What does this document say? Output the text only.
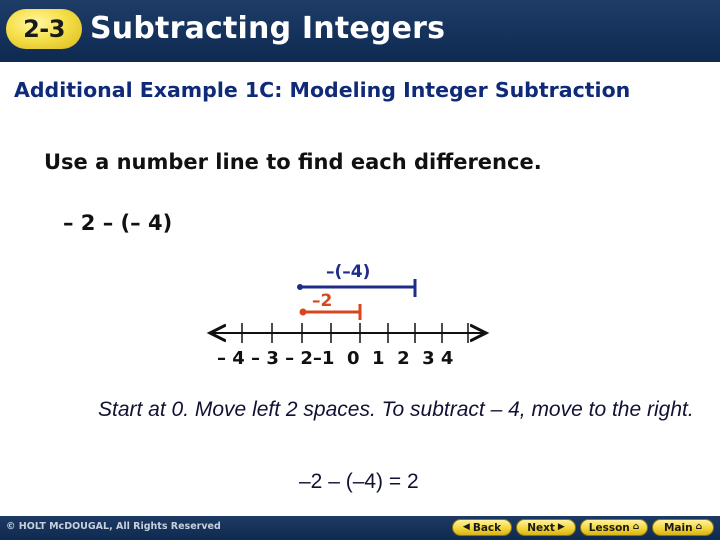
2-3 Subtracting Integers
Additional Example 1C: Modeling Integer Subtraction
Use a number line to find each difference.
– 2 – (– 4)
–(–4)
–2
– 4 – 3 – 2–1  0  1  2  3 4
Start at 0. Move left 2 spaces. To subtract – 4, move to the right.
–2 – (–4) = 2
© HOLT McDOUGAL, All Rights Reserved	◀ Back Next ▶ Lesson ⌂ Main ⌂
